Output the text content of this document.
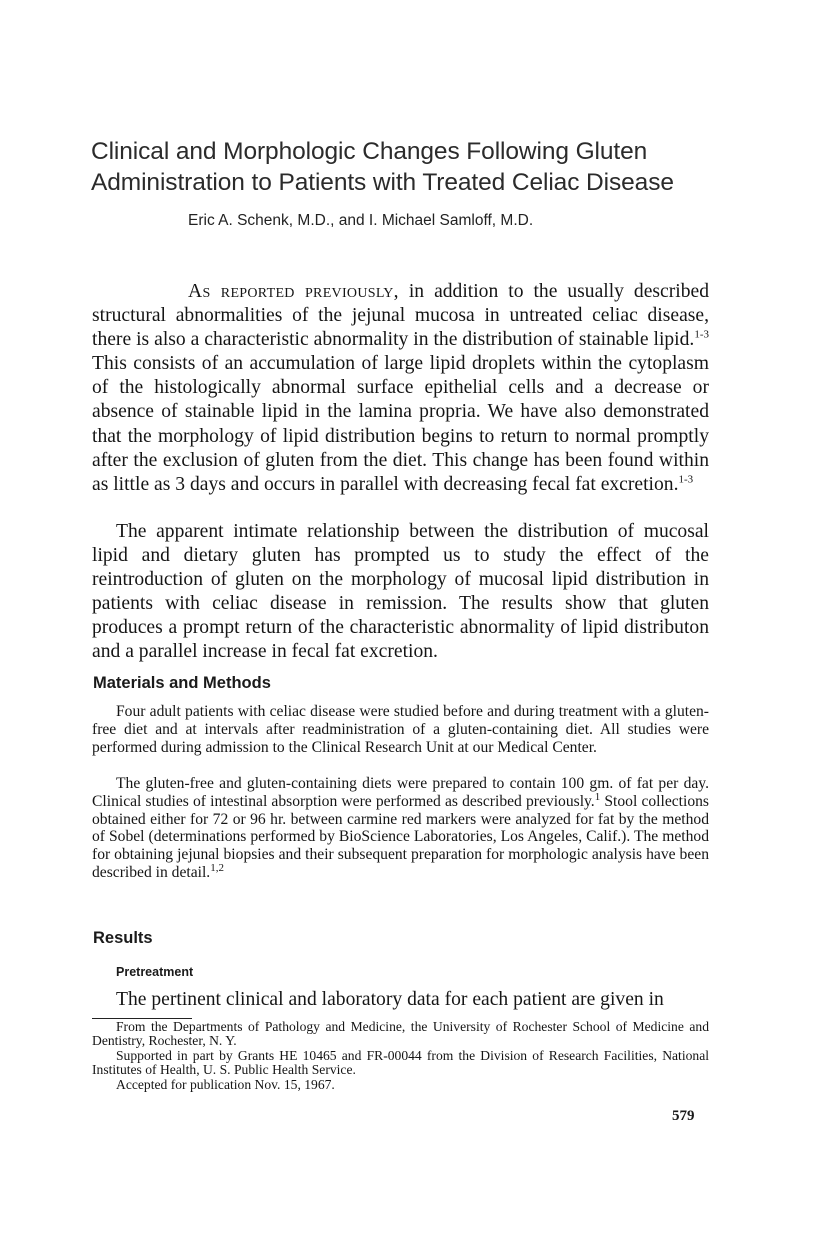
Clinical and Morphologic Changes Following Gluten
Administration to Patients with Treated Celiac Disease
Eric A. Schenk, M.D., and I. Michael Samloff, M.D.

As reported previously, in addition to the usually described structural abnormalities of the jejunal mucosa in untreated celiac disease, there is also a characteristic abnormality in the distribution of stainable lipid.$^{1-3}$ This consists of an accumulation of large lipid droplets within the cytoplasm of the histologically abnormal surface epithelial cells and a decrease or absence of stainable lipid in the lamina propria. We have also demonstrated that the morphology of lipid distribution begins to return to normal promptly after the exclusion of gluten from the diet. This change has been found within as little as 3 days and occurs in parallel with decreasing fecal fat excretion.$^{1-3}$

The apparent intimate relationship between the distribution of mucosal lipid and dietary gluten has prompted us to study the effect of the reintroduction of gluten on the morphology of mucosal lipid distribution in patients with celiac disease in remission. The results show that gluten produces a prompt return of the characteristic abnormality of lipid distributon and a parallel increase in fecal fat excretion.

Materials and Methods

Four adult patients with celiac disease were studied before and during treatment with a gluten-free diet and at intervals after readministration of a gluten-containing diet. All studies were performed during admission to the Clinical Research Unit at our Medical Center.

The gluten-free and gluten-containing diets were prepared to contain 100 gm. of fat per day. Clinical studies of intestinal absorption were performed as described previously.$^1$ Stool collections obtained either for 72 or 96 hr. between carmine red markers were analyzed for fat by the method of Sobel (determinations performed by BioScience Laboratories, Los Angeles, Calif.). The method for obtaining jejunal biopsies and their subsequent preparation for morphologic analysis have been described in detail.$^{1,2}$

Results
Pretreatment

The pertinent clinical and laboratory data for each patient are given in

From the Departments of Pathology and Medicine, the University of Rochester School of Medicine and Dentistry, Rochester, N. Y.

Supported in part by Grants HE 10465 and FR-00044 from the Division of Research Facilities, National Institutes of Health, U. S. Public Health Service.

Accepted for publication Nov. 15, 1967.

579
